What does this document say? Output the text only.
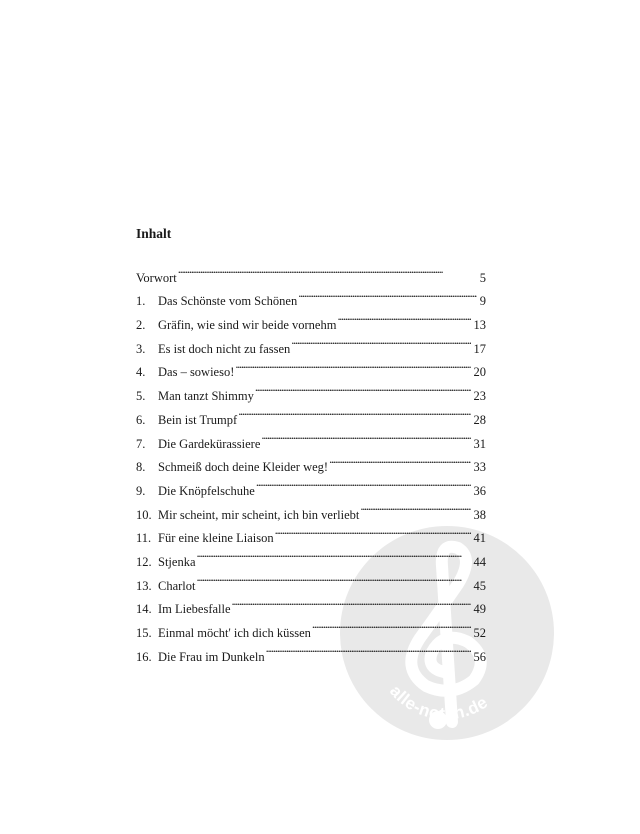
alle-noten.de
Inhalt
Vorwort . . .	5
1.	Das Schönste vom Schönen . . .	9
2.	Gräfin, wie sind wir beide vornehm . . .	13
3.	Es ist doch nicht zu fassen . . .	17
4.	Das – sowieso! . . .	20
5.	Man tanzt Shimmy . . .	23
6.	Bein ist Trumpf . . .	28
7.	Die Gardekürassiere . . .	31
8.	Schmeiß doch deine Kleider weg! . . .	33
9.	Die Knöpfelschuhe . . .	36
10. Mir scheint, mir scheint, ich bin verliebt . . .	38
11. Für eine kleine Liaison . . .	41
12. Stjenka . . .	44
13. Charlot . . .	45
14. Im Liebesfalle . . .	49
15. Einmal möcht' ich dich küssen . . .	52
16. Die Frau im Dunkeln . . .	56
